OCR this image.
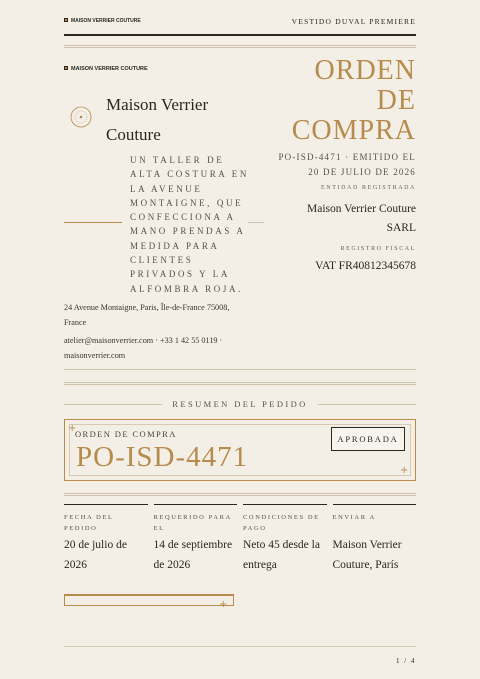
MAISON VERRIER COUTURE	VESTIDO DUVAL PREMIERE
MAISON VERRIER COUTURE
Maison Verrier
Couture
UN TALLER DE ALTA COSTURA EN LA AVENUE MONTAIGNE, QUE CONFECCIONA A MANO PRENDAS A MEDIDA PARA CLIENTES PRIVADOS Y LA ALFOMBRA ROJA.
24 Avenue Montaigne, Paris, Île-de-France 75008, France
atelier@maisonverrier.com · +33 1 42 55 0119 · maisonverrier.com
ORDEN
DE
COMPRA
PO-ISD-4471 · EMITIDO EL 20 DE JULIO DE 2026
ENTIDAD REGISTRADA
Maison Verrier Couture SARL
REGISTRO FISCAL
VAT FR40812345678
RESUMEN DEL PEDIDO
+
+
ORDEN DE COMPRA
PO-ISD-4471
APROBADA
FECHA DEL PEDIDO
20 de julio de 2026
REQUERIDO PARA EL
14 de septiembre de 2026
CONDICIONES DE PAGO
Neto 45 desde la entrega
ENVIAR A
Maison Verrier Couture, París
+
1 / 4
